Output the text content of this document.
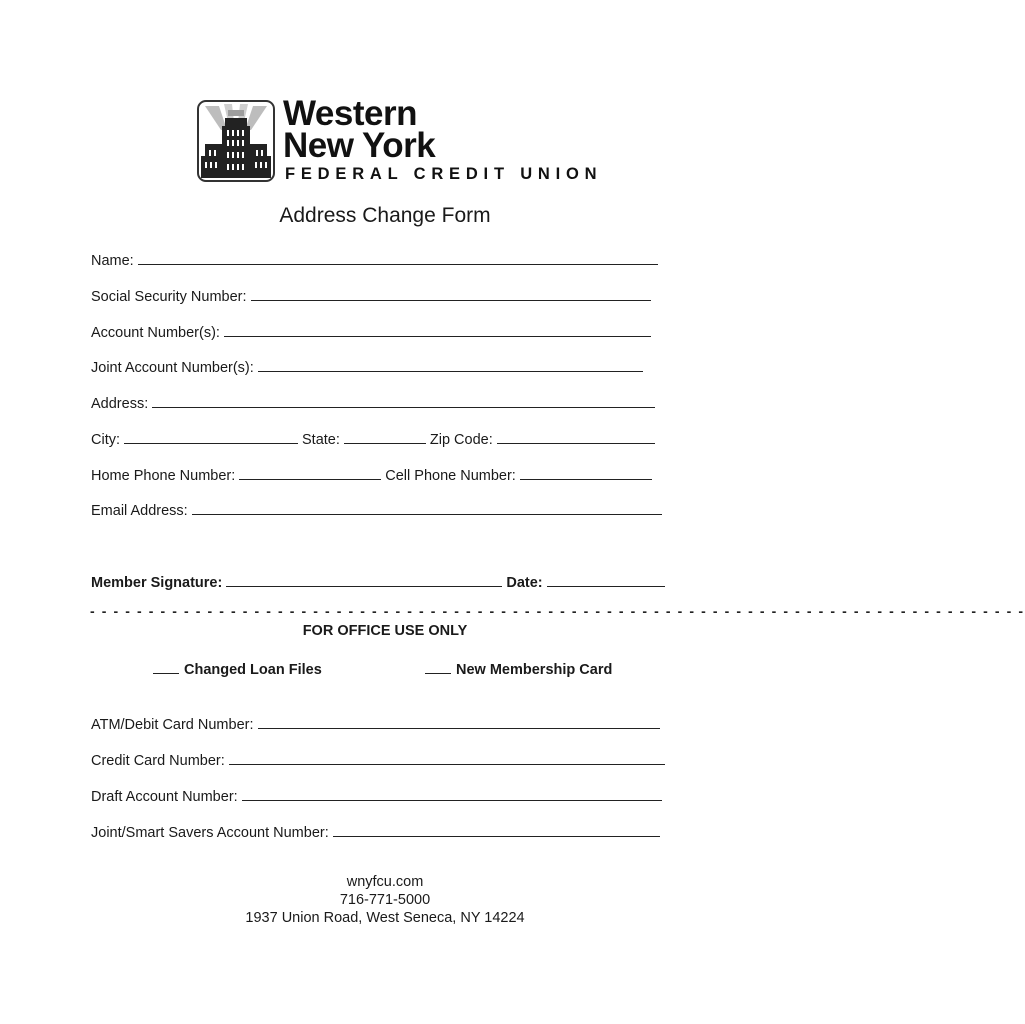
Western
New York
FEDERAL CREDIT UNION
Address Change Form
Name:
Social Security Number:
Account Number(s):
Joint Account Number(s):
Address:
City:	State:	Zip Code:
Home Phone Number:	Cell Phone Number:
Email Address:
Member Signature:	Date:
- - - - - - - - - - - - - - - - - - - - - - - - - - - - - - - - - - - - - - - - - - - - - - - - - - - - - - - - - - - - - - - - - - - - - - - - - - - - - - - -
FOR OFFICE USE ONLY
Changed Loan Files	New Membership Card
ATM/Debit Card Number:
Credit Card Number:
Draft Account Number:
Joint/Smart Savers Account Number:
wnyfcu.com
716-771-5000
1937 Union Road, West Seneca, NY 14224
